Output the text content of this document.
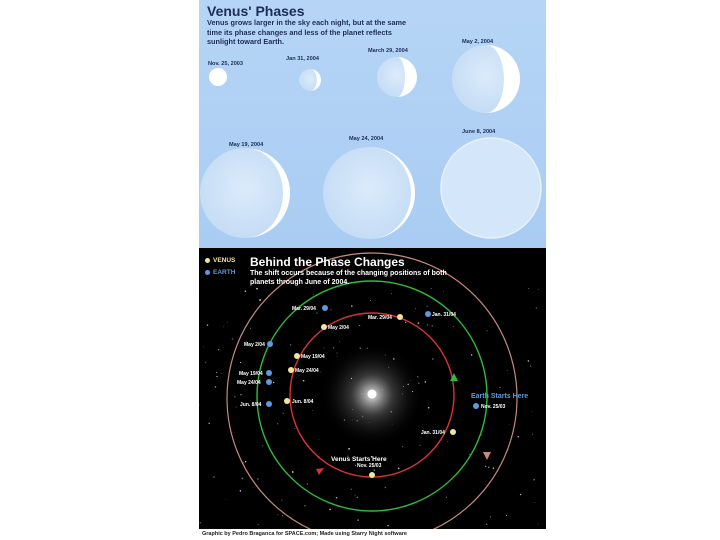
Venus' Phases
Venus grows larger in the sky each night, but at the same time its phase changes and less of the planet reflects sunlight toward Earth.
Nov. 25, 2003
Jan 31, 2004
March 29, 2004
May 2, 2004
May 19, 2004
May 24, 2004
June 8, 2004
Mar. 29/04
Jan. 31/04
Mar. 29/04
May 2/04
May 2/04
May 19/04
May 24/04
May 19/04
May 24/04
Jun. 8/04
Jun. 8/04	Nov. 25/03
Jan. 31/04
Nov. 25/03
Earth Starts Here
Venus Starts Here
Behind the Phase Changes
The shift occurs because of the changing positions of both planets through June of 2004.
VENUS
EARTH
Graphic by Pedro Braganca for SPACE.com; Made using Starry Night software
